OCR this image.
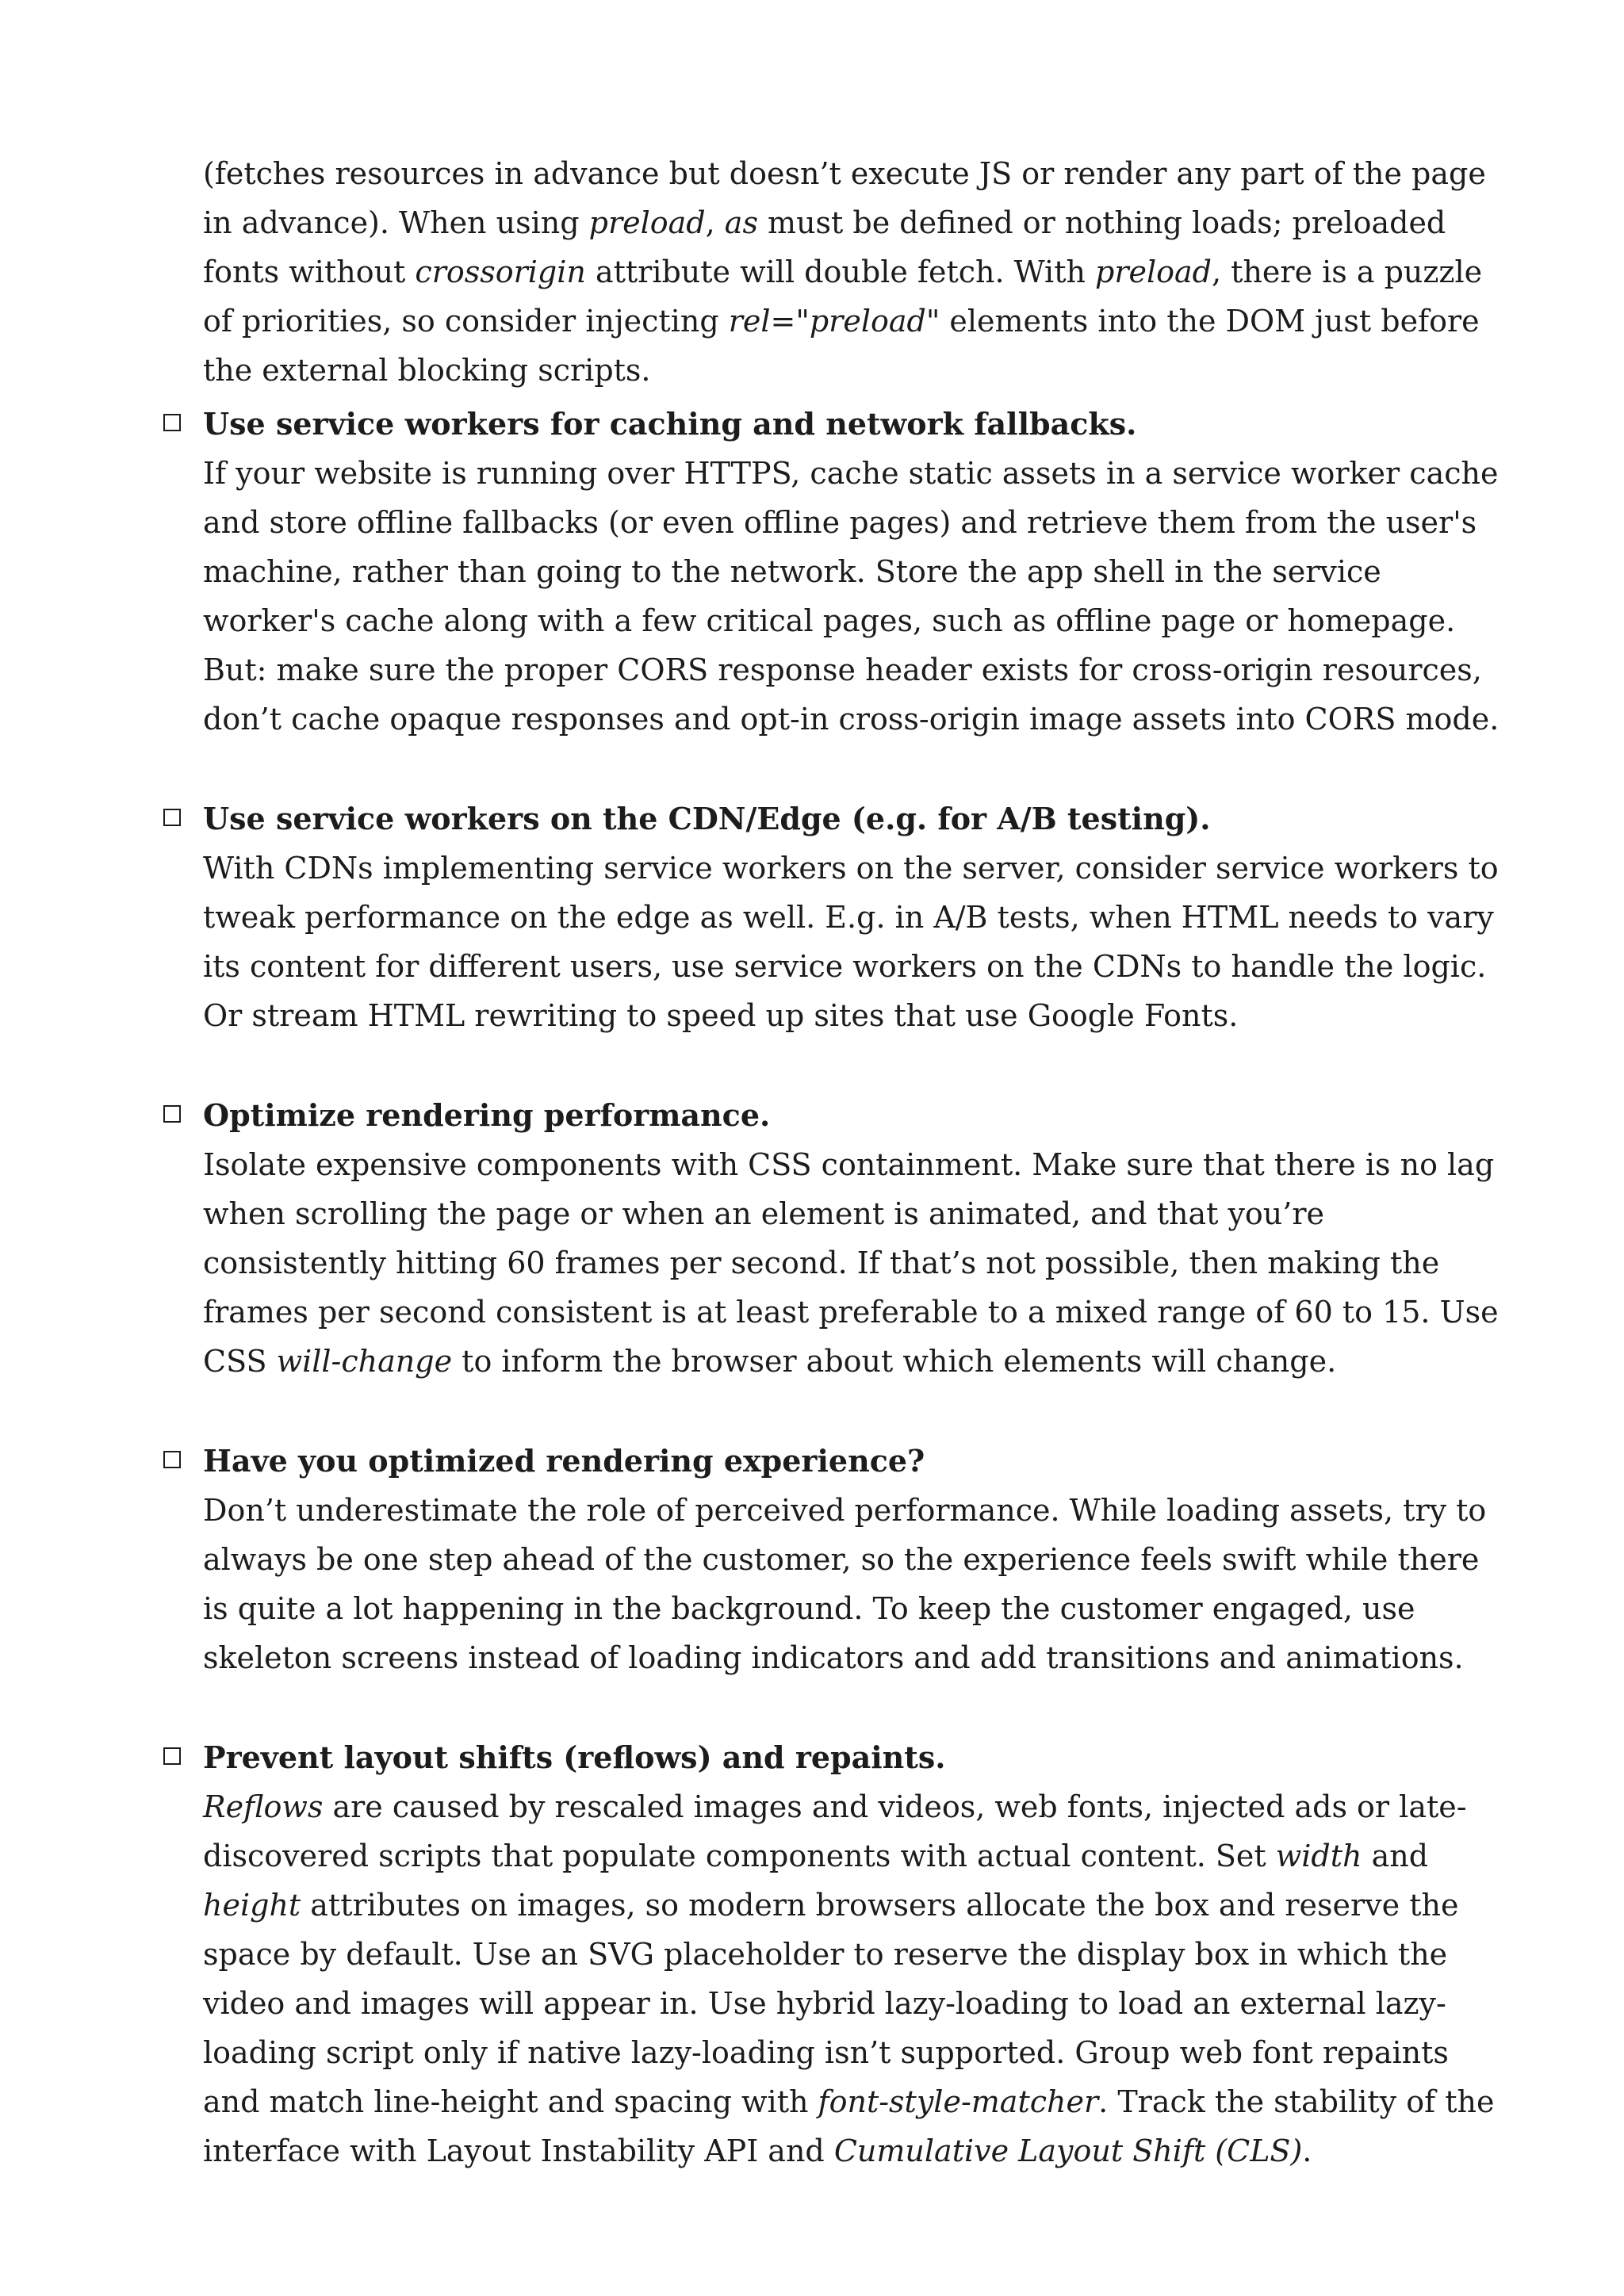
(fetches resources in advance but doesn’t execute JS or render any part of the page in advance). When using preload, as must be defined or nothing loads; preloaded fonts without crossorigin attribute will double fetch. With preload, there is a puzzle of priorities, so consider injecting rel="preload" elements into the DOM just before the external blocking scripts.

Use service workers for caching and network fallbacks.

If your website is running over HTTPS, cache static assets in a service worker cache and store offline fallbacks (or even offline pages) and retrieve them from the user's machine, rather than going to the network. Store the app shell in the service worker's cache along with a few critical pages, such as offline page or homepage. But: make sure the proper CORS response header exists for cross-origin resources, don’t cache opaque responses and opt-in cross-origin image assets into CORS mode.

Use service workers on the CDN/Edge (e.g. for A/B testing).

With CDNs implementing service workers on the server, consider service workers to tweak performance on the edge as well. E.g. in A/B tests, when HTML needs to vary its content for different users, use service workers on the CDNs to handle the logic. Or stream HTML rewriting to speed up sites that use Google Fonts.

Optimize rendering performance.

Isolate expensive components with CSS containment. Make sure that there is no lag when scrolling the page or when an element is animated, and that you’re consistently hitting 60 frames per second. If that’s not possible, then making the frames per second consistent is at least preferable to a mixed range of 60 to 15. Use CSS will-change to inform the browser about which elements will change.

Have you optimized rendering experience?

Don’t underestimate the role of perceived performance. While loading assets, try to always be one step ahead of the customer, so the experience feels swift while there is quite a lot happening in the background. To keep the customer engaged, use skeleton screens instead of loading indicators and add transitions and animations.

Prevent layout shifts (reflows) and repaints.

Reflows are caused by rescaled images and videos, web fonts, injected ads or late-discovered scripts that populate components with actual content. Set width and height attributes on images, so modern browsers allocate the box and reserve the space by default. Use an SVG placeholder to reserve the display box in which the video and images will appear in. Use hybrid lazy-loading to load an external lazy-loading script only if native lazy-loading isn’t supported. Group web font repaints and match line-height and spacing with font-style-matcher. Track the stability of the interface with Layout Instability API and Cumulative Layout Shift (CLS).
